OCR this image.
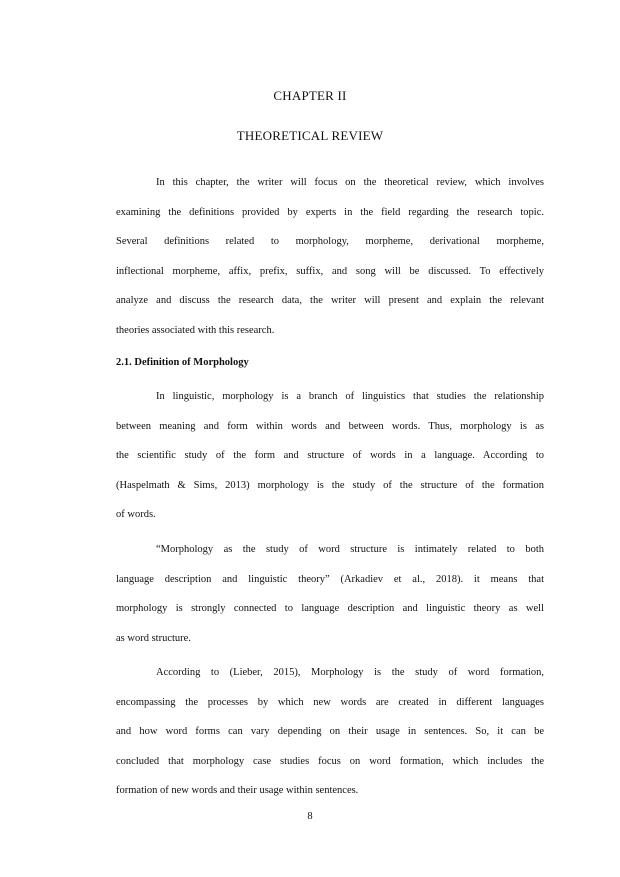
CHAPTER II
THEORETICAL REVIEW
In this chapter, the writer will focus on the theoretical review, which involves
examining the definitions provided by experts in the field regarding the research topic.
Several definitions related to morphology, morpheme, derivational morpheme,
inflectional morpheme, affix, prefix, suffix, and song will be discussed. To effectively
analyze and discuss the research data, the writer will present and explain the relevant
theories associated with this research.
2.1. Definition of Morphology
In linguistic, morphology is a branch of linguistics that studies the relationship
between meaning and form within words and between words. Thus, morphology is as
the scientific study of the form and structure of words in a language. According to
(Haspelmath & Sims, 2013) morphology is the study of the structure of the formation
of words.
“Morphology as the study of word structure is intimately related to both
language description and linguistic theory” (Arkadiev et al., 2018). it means that
morphology is strongly connected to language description and linguistic theory as well
as word structure.
According to (Lieber, 2015), Morphology is the study of word formation,
encompassing the processes by which new words are created in different languages
and how word forms can vary depending on their usage in sentences. So, it can be
concluded that morphology case studies focus on word formation, which includes the
formation of new words and their usage within sentences.
8
